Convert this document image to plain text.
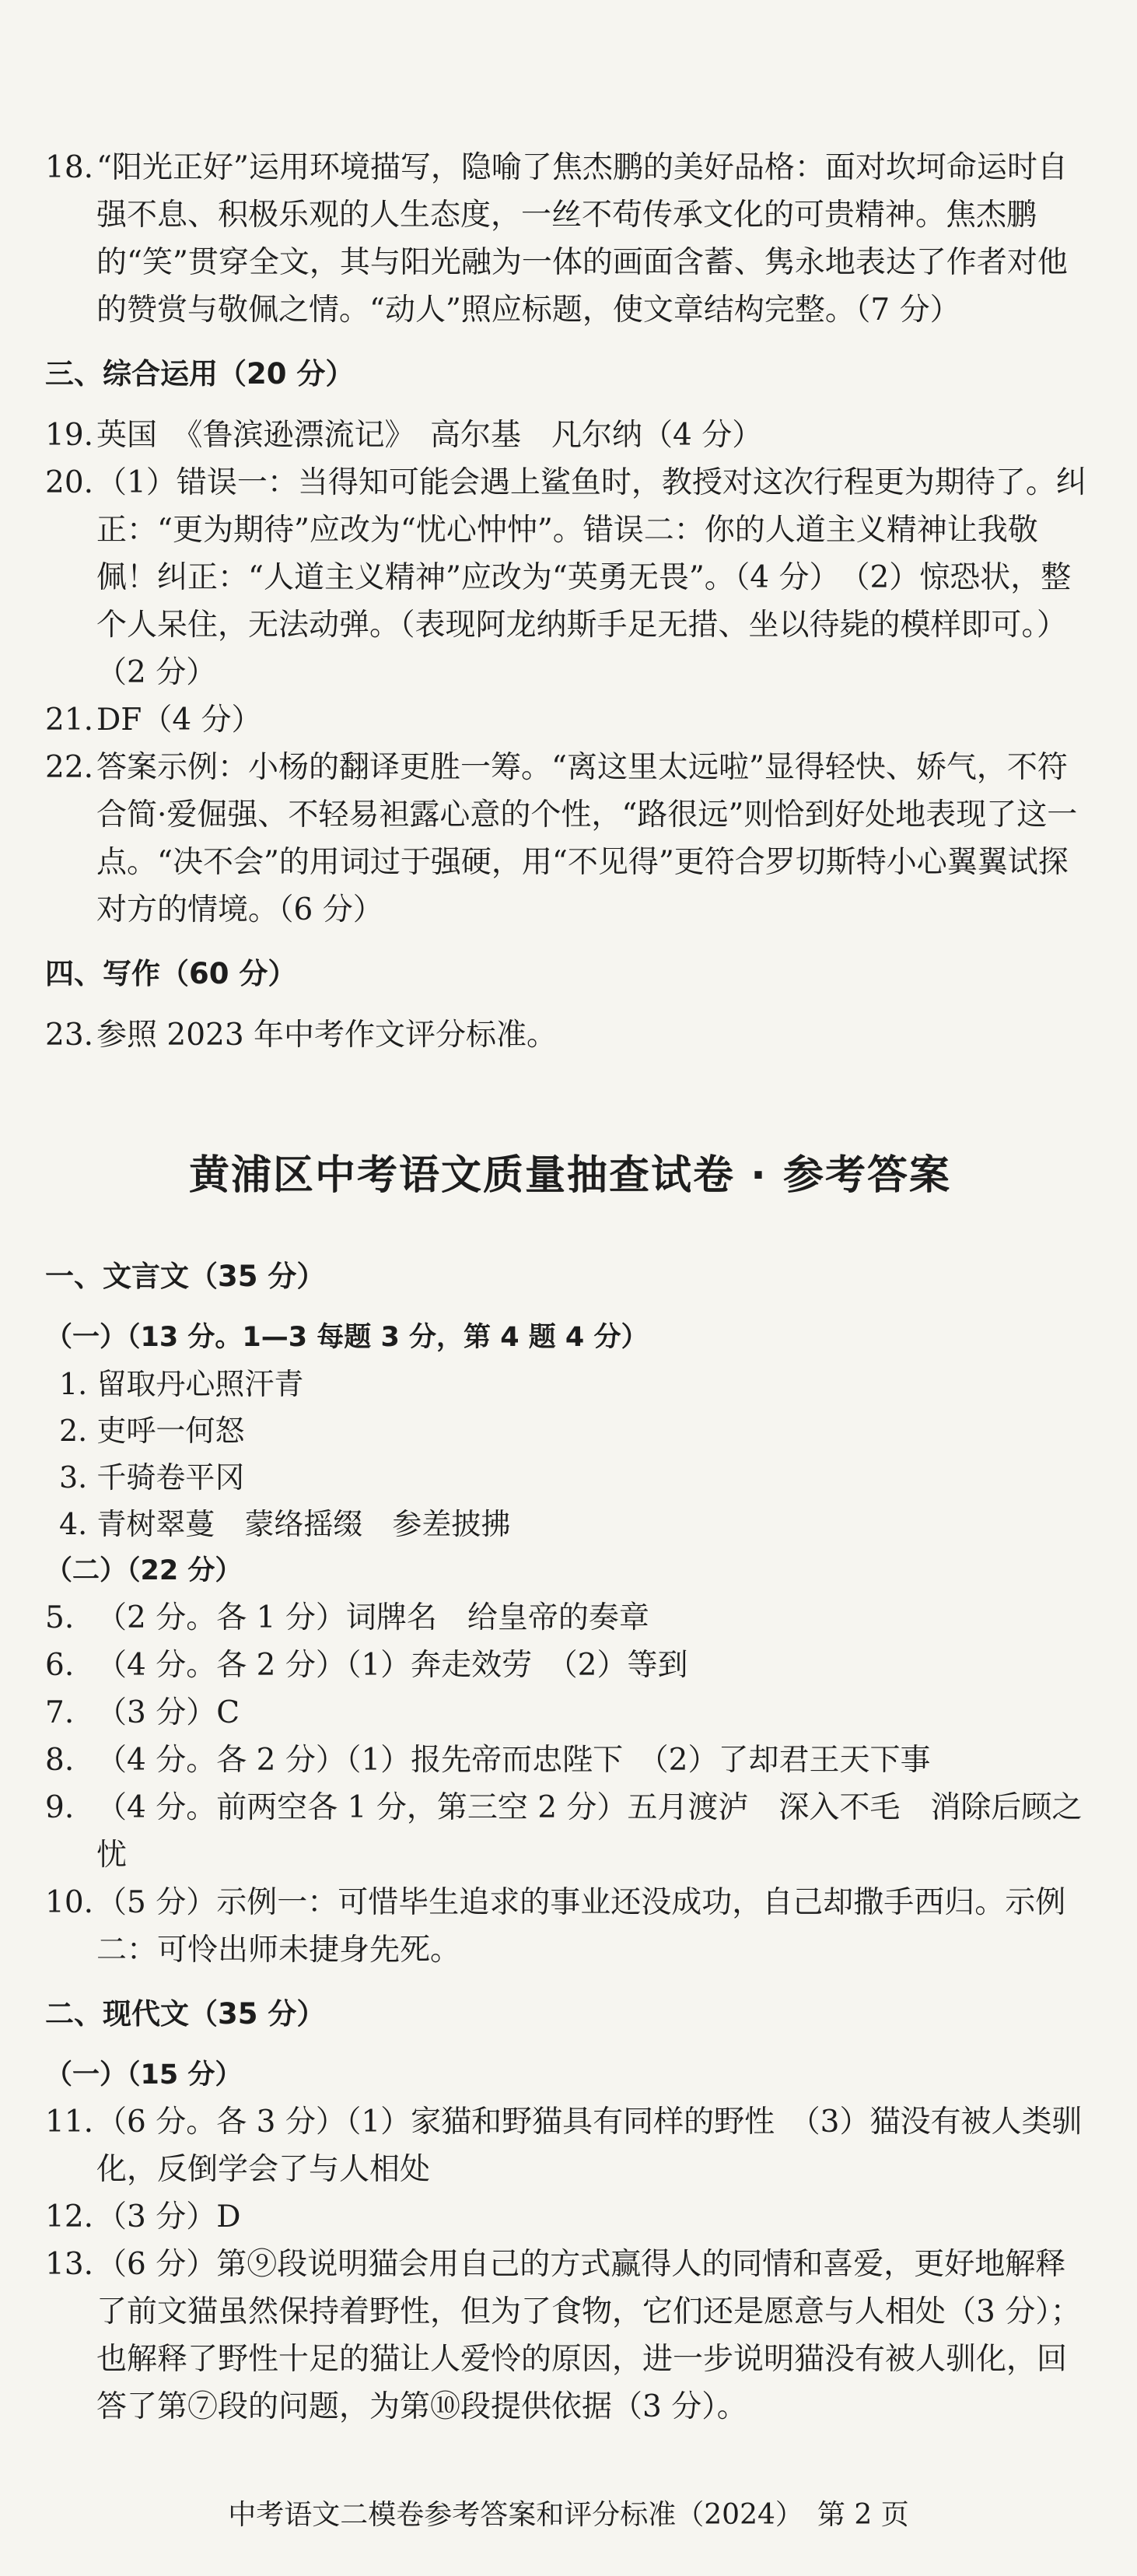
18. “阳光正好”运用环境描写，隐喻了焦杰鹏的美好品格：面对坎坷命运时自强不息、积极乐观的人生态度，一丝不苟传承文化的可贵精神。焦杰鹏的“笑”贯穿全文，其与阳光融为一体的画面含蓄、隽永地表达了作者对他的赞赏与敬佩之情。“动人”照应标题，使文章结构完整。（7 分）
三、综合运用（20 分）
19. 英国　《鲁滨逊漂流记》　高尔基　凡尔纳（4 分）
20. （1）错误一：当得知可能会遇上鲨鱼时，教授对这次行程更为期待了。纠正：“更为期待”应改为“忧心忡忡”。错误二：你的人道主义精神让我敬佩！纠正：“人道主义精神”应改为“英勇无畏”。（4 分）　（2）惊恐状，整个人呆住，无法动弹。（表现阿龙纳斯手足无措、坐以待毙的模样即可。）（2 分）
21. DF（4 分）
22. 答案示例：小杨的翻译更胜一筹。“离这里太远啦”显得轻快、娇气，不符合简·爱倔强、不轻易袒露心意的个性，“路很远”则恰到好处地表现了这一点。“决不会”的用词过于强硬，用“不见得”更符合罗切斯特小心翼翼试探对方的情境。（6 分）
四、写作（60 分）
23. 参照 2023 年中考作文评分标准。
黄浦区中考语文质量抽查试卷 · 参考答案
一、文言文（35 分）
（一）（13 分。1—3 每题 3 分，第 4 题 4 分）
1. 留取丹心照汗青
2. 吏呼一何怒
3. 千骑卷平冈
4. 青树翠蔓　蒙络摇缀　参差披拂
（二）（22 分）
5. （2 分。各 1 分）词牌名　给皇帝的奏章
6. （4 分。各 2 分）（1）奔走效劳　（2）等到
7. （3 分）C
8. （4 分。各 2 分）（1）报先帝而忠陛下　（2）了却君王天下事
9. （4 分。前两空各 1 分，第三空 2 分）五月渡泸　深入不毛　消除后顾之忧
10. （5 分）示例一：可惜毕生追求的事业还没成功，自己却撒手西归。示例二：可怜出师未捷身先死。
二、现代文（35 分）
（一）（15 分）
11. （6 分。各 3 分）（1）家猫和野猫具有同样的野性　（3）猫没有被人类驯化，反倒学会了与人相处
12. （3 分）D
13. （6 分）第⑨段说明猫会用自己的方式赢得人的同情和喜爱，更好地解释了前文猫虽然保持着野性，但为了食物，它们还是愿意与人相处（3 分）；也解释了野性十足的猫让人爱怜的原因，进一步说明猫没有被人驯化，回答了第⑦段的问题，为第⑩段提供依据（3 分）。
中考语文二模卷参考答案和评分标准（2024）　第 2 页
